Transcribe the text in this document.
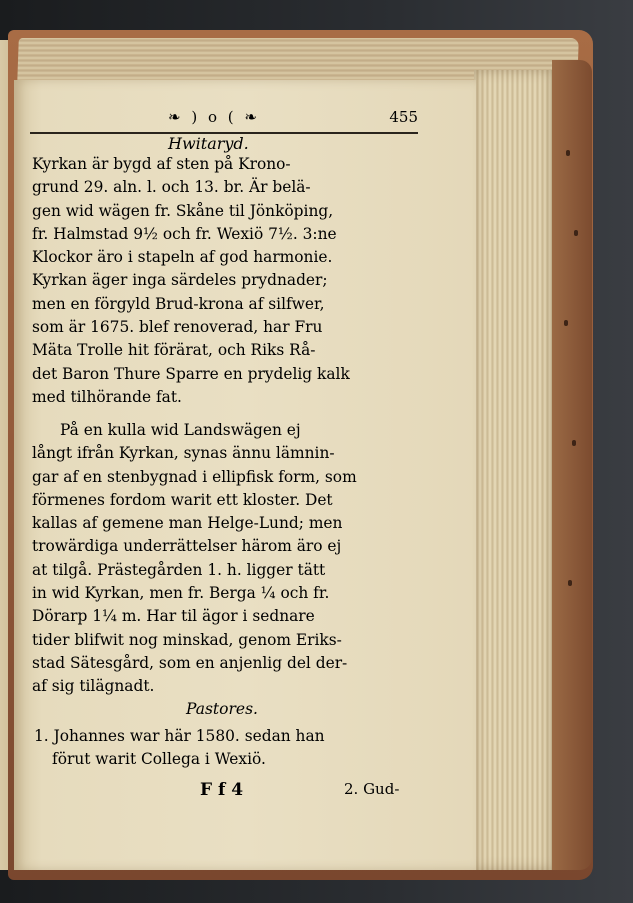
❧ ) o ( ❧	455
Hwitaryd.
Kyrkan är bygd af sten på Krono-
grund 29. aln. l. och 13. br. Är belä-
gen wid wägen fr. Skåne til Jönköping,
fr. Halmstad 9½ och fr. Wexiö 7½. 3:ne
Klockor äro i stapeln af god harmonie.
Kyrkan äger inga särdeles prydnader;
men en förgyld Brud-krona af silfwer,
som är 1675. blef renoverad, har Fru
Mäta Trolle hit förärat, och Riks Rå-
det Baron Thure Sparre en prydelig kalk
med tilhörande fat.
På en kulla wid Landswägen ej
långt ifrån Kyrkan, synas ännu lämnin-
gar af en stenbygnad i ellipfisk form, som
förmenes fordom warit ett kloster. Det
kallas af gemene man Helge-Lund; men
trowärdiga underrättelser härom äro ej
at tilgå. Prästegården 1. h. ligger tätt
in wid Kyrkan, men fr. Berga ¼ och fr.
Dörarp 1¼ m. Har til ägor i sednare
tider blifwit nog minskad, genom Eriks-
stad Sätesgård, som en anjenlig del der-
af sig tilägnadt.
Pastores.
1. Johannes war här 1580. sedan han
förut warit Collega i Wexiö.
F f 4	2. Gud-
